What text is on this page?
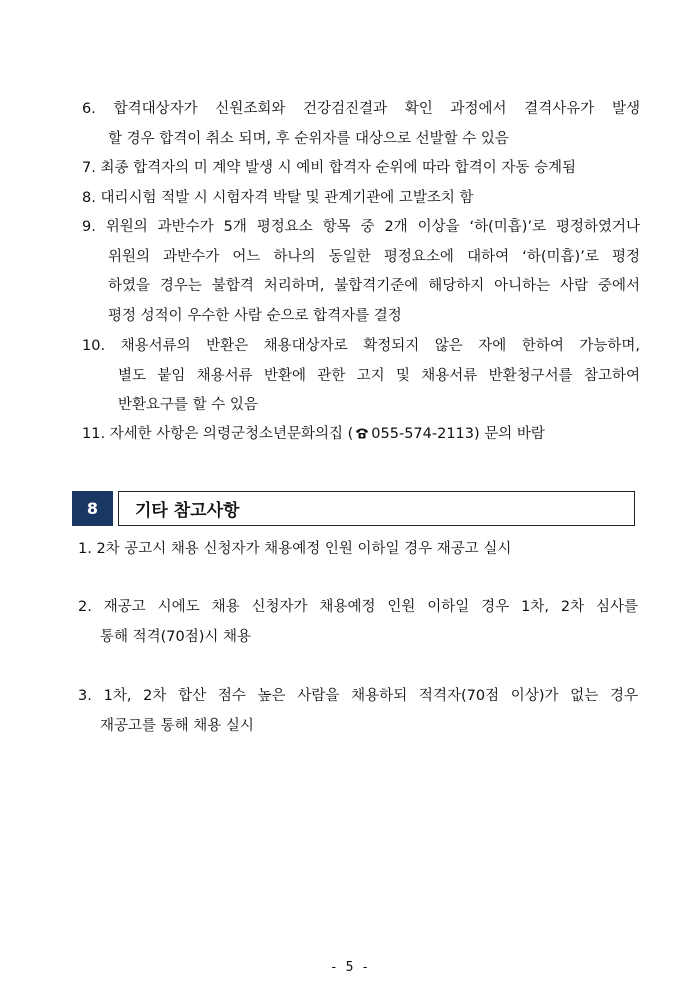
6. 합격대상자가 신원조회와 건강검진결과 확인 과정에서 결격사유가 발생
할 경우 합격이 취소 되며, 후 순위자를 대상으로 선발할 수 있음
7. 최종 합격자의 미 계약 발생 시 예비 합격자 순위에 따라 합격이 자동 승계됨
8. 대리시험 적발 시 시험자격 박탈 및 관계기관에 고발조치 함
9. 위원의 과반수가 5개 평정요소 항목 중 2개 이상을 ‘하(미흡)’로 평정하였거나
위원의 과반수가 어느 하나의 동일한 평정요소에 대하여 ‘하(미흡)’로 평정
하였을 경우는 불합격 처리하며, 불합격기준에 해당하지 아니하는 사람 중에서
평정 성적이 우수한 사람 순으로 합격자를 결정
10. 채용서류의 반환은 채용대상자로 확정되지 않은 자에 한하여 가능하며,
별도 붙임 채용서류 반환에 관한 고지 및 채용서류 반환청구서를 참고하여
반환요구를 할 수 있음
11. 자세한 사항은 의령군청소년문화의집 ( 055-574-2113) 문의 바람
8	기타 참고사항
1. 2차 공고시 채용 신청자가 채용예정 인원 이하일 경우 재공고 실시
2. 재공고 시에도 채용 신청자가 채용예정 인원 이하일 경우 1차, 2차 심사를
통해 적격(70점)시 채용
3. 1차, 2차 합산 점수 높은 사람을 채용하되 적격자(70점 이상)가 없는 경우
재공고를 통해 채용 실시
- 5 -
